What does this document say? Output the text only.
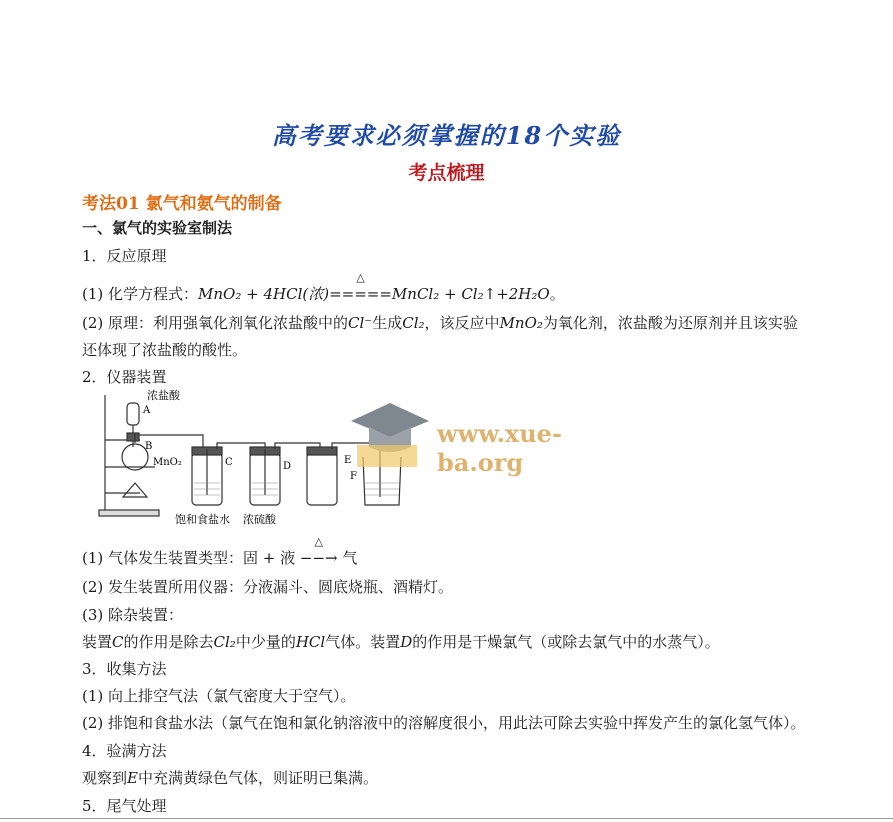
高考要求必须掌握的18个实验
考点梳理
考法01 氯气和氨气的制备
一、氯气的实验室制法
1．反应原理
(1) 化学方程式：MnO₂ + 4HCl(浓)
△
=====MnCl₂ + Cl₂↑+2H₂O。
(2) 原理：利用强氧化剂氧化浓盐酸中的Cl⁻生成Cl₂，该反应中MnO₂为氧化剂，浓盐酸为还原剂并且该实验
还体现了浓盐酸的酸性。
2．仪器装置
浓盐酸
A
B
MnO₂	C	D
E
F
饱和食盐水 浓硫酸
www.xue-ba.org
(1) 气体发生装置类型：固 + 液
△
−−→ 气
(2) 发生装置所用仪器：分液漏斗、圆底烧瓶、酒精灯。
(3) 除杂装置：
装置C的作用是除去Cl₂中少量的HCl气体。装置D的作用是干燥氯气（或除去氯气中的水蒸气）。
3．收集方法
(1) 向上排空气法（氯气密度大于空气）。
(2) 排饱和食盐水法（氯气在饱和氯化钠溶液中的溶解度很小，用此法可除去实验中挥发产生的氯化氢气体）。
4．验满方法
观察到E中充满黄绿色气体，则证明已集满。
5．尾气处理
